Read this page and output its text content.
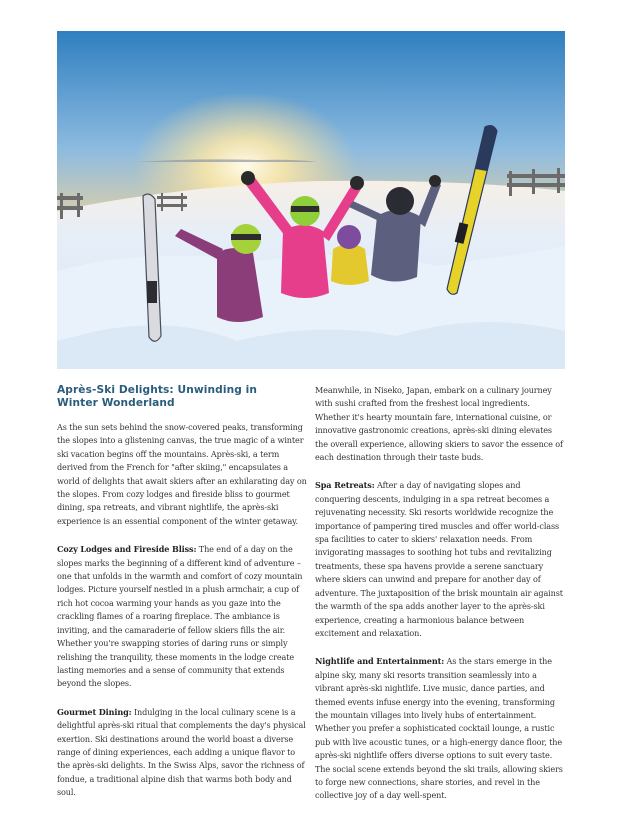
Après-Ski Delights: Unwinding in
Winter Wonderland

As the sun sets behind the snow-covered peaks, transforming the slopes into a glistening canvas, the true magic of a winter ski vacation begins off the mountains. Après-ski, a term derived from the French for "after skiing," encapsulates a world of delights that await skiers after an exhilarating day on the slopes. From cozy lodges and fireside bliss to gourmet dining, spa retreats, and vibrant nightlife, the après-ski experience is an essential component of the winter getaway.

Cozy Lodges and Fireside Bliss: The end of a day on the slopes marks the beginning of a different kind of adventure – one that unfolds in the warmth and comfort of cozy mountain lodges. Picture yourself nestled in a plush armchair, a cup of rich hot cocoa warming your hands as you gaze into the crackling flames of a roaring fireplace. The ambiance is inviting, and the camaraderie of fellow skiers fills the air. Whether you're swapping stories of daring runs or simply relishing the tranquility, these moments in the lodge create lasting memories and a sense of community that extends beyond the slopes.

Gourmet Dining: Indulging in the local culinary scene is a delightful après-ski ritual that complements the day's physical exertion. Ski destinations around the world boast a diverse range of dining experiences, each adding a unique flavor to the après-ski delights. In the Swiss Alps, savor the richness of fondue, a traditional alpine dish that warms both body and soul.

Meanwhile, in Niseko, Japan, embark on a culinary journey with sushi crafted from the freshest local ingredients. Whether it's hearty mountain fare, international cuisine, or innovative gastronomic creations, après-ski dining elevates the overall experience, allowing skiers to savor the essence of each destination through their taste buds.

Spa Retreats: After a day of navigating slopes and conquering descents, indulging in a spa retreat becomes a rejuvenating necessity. Ski resorts worldwide recognize the importance of pampering tired muscles and offer world-class spa facilities to cater to skiers' relaxation needs. From invigorating massages to soothing hot tubs and revitalizing treatments, these spa havens provide a serene sanctuary where skiers can unwind and prepare for another day of adventure. The juxtaposition of the brisk mountain air against the warmth of the spa adds another layer to the après-ski experience, creating a harmonious balance between excitement and relaxation.

Nightlife and Entertainment: As the stars emerge in the alpine sky, many ski resorts transition seamlessly into a vibrant après-ski nightlife. Live music, dance parties, and themed events infuse energy into the evening, transforming the mountain villages into lively hubs of entertainment. Whether you prefer a sophisticated cocktail lounge, a rustic pub with live acoustic tunes, or a high-energy dance floor, the après-ski nightlife offers diverse options to suit every taste. The social scene extends beyond the ski trails, allowing skiers to forge new connections, share stories, and revel in the collective joy of a day well-spent.
